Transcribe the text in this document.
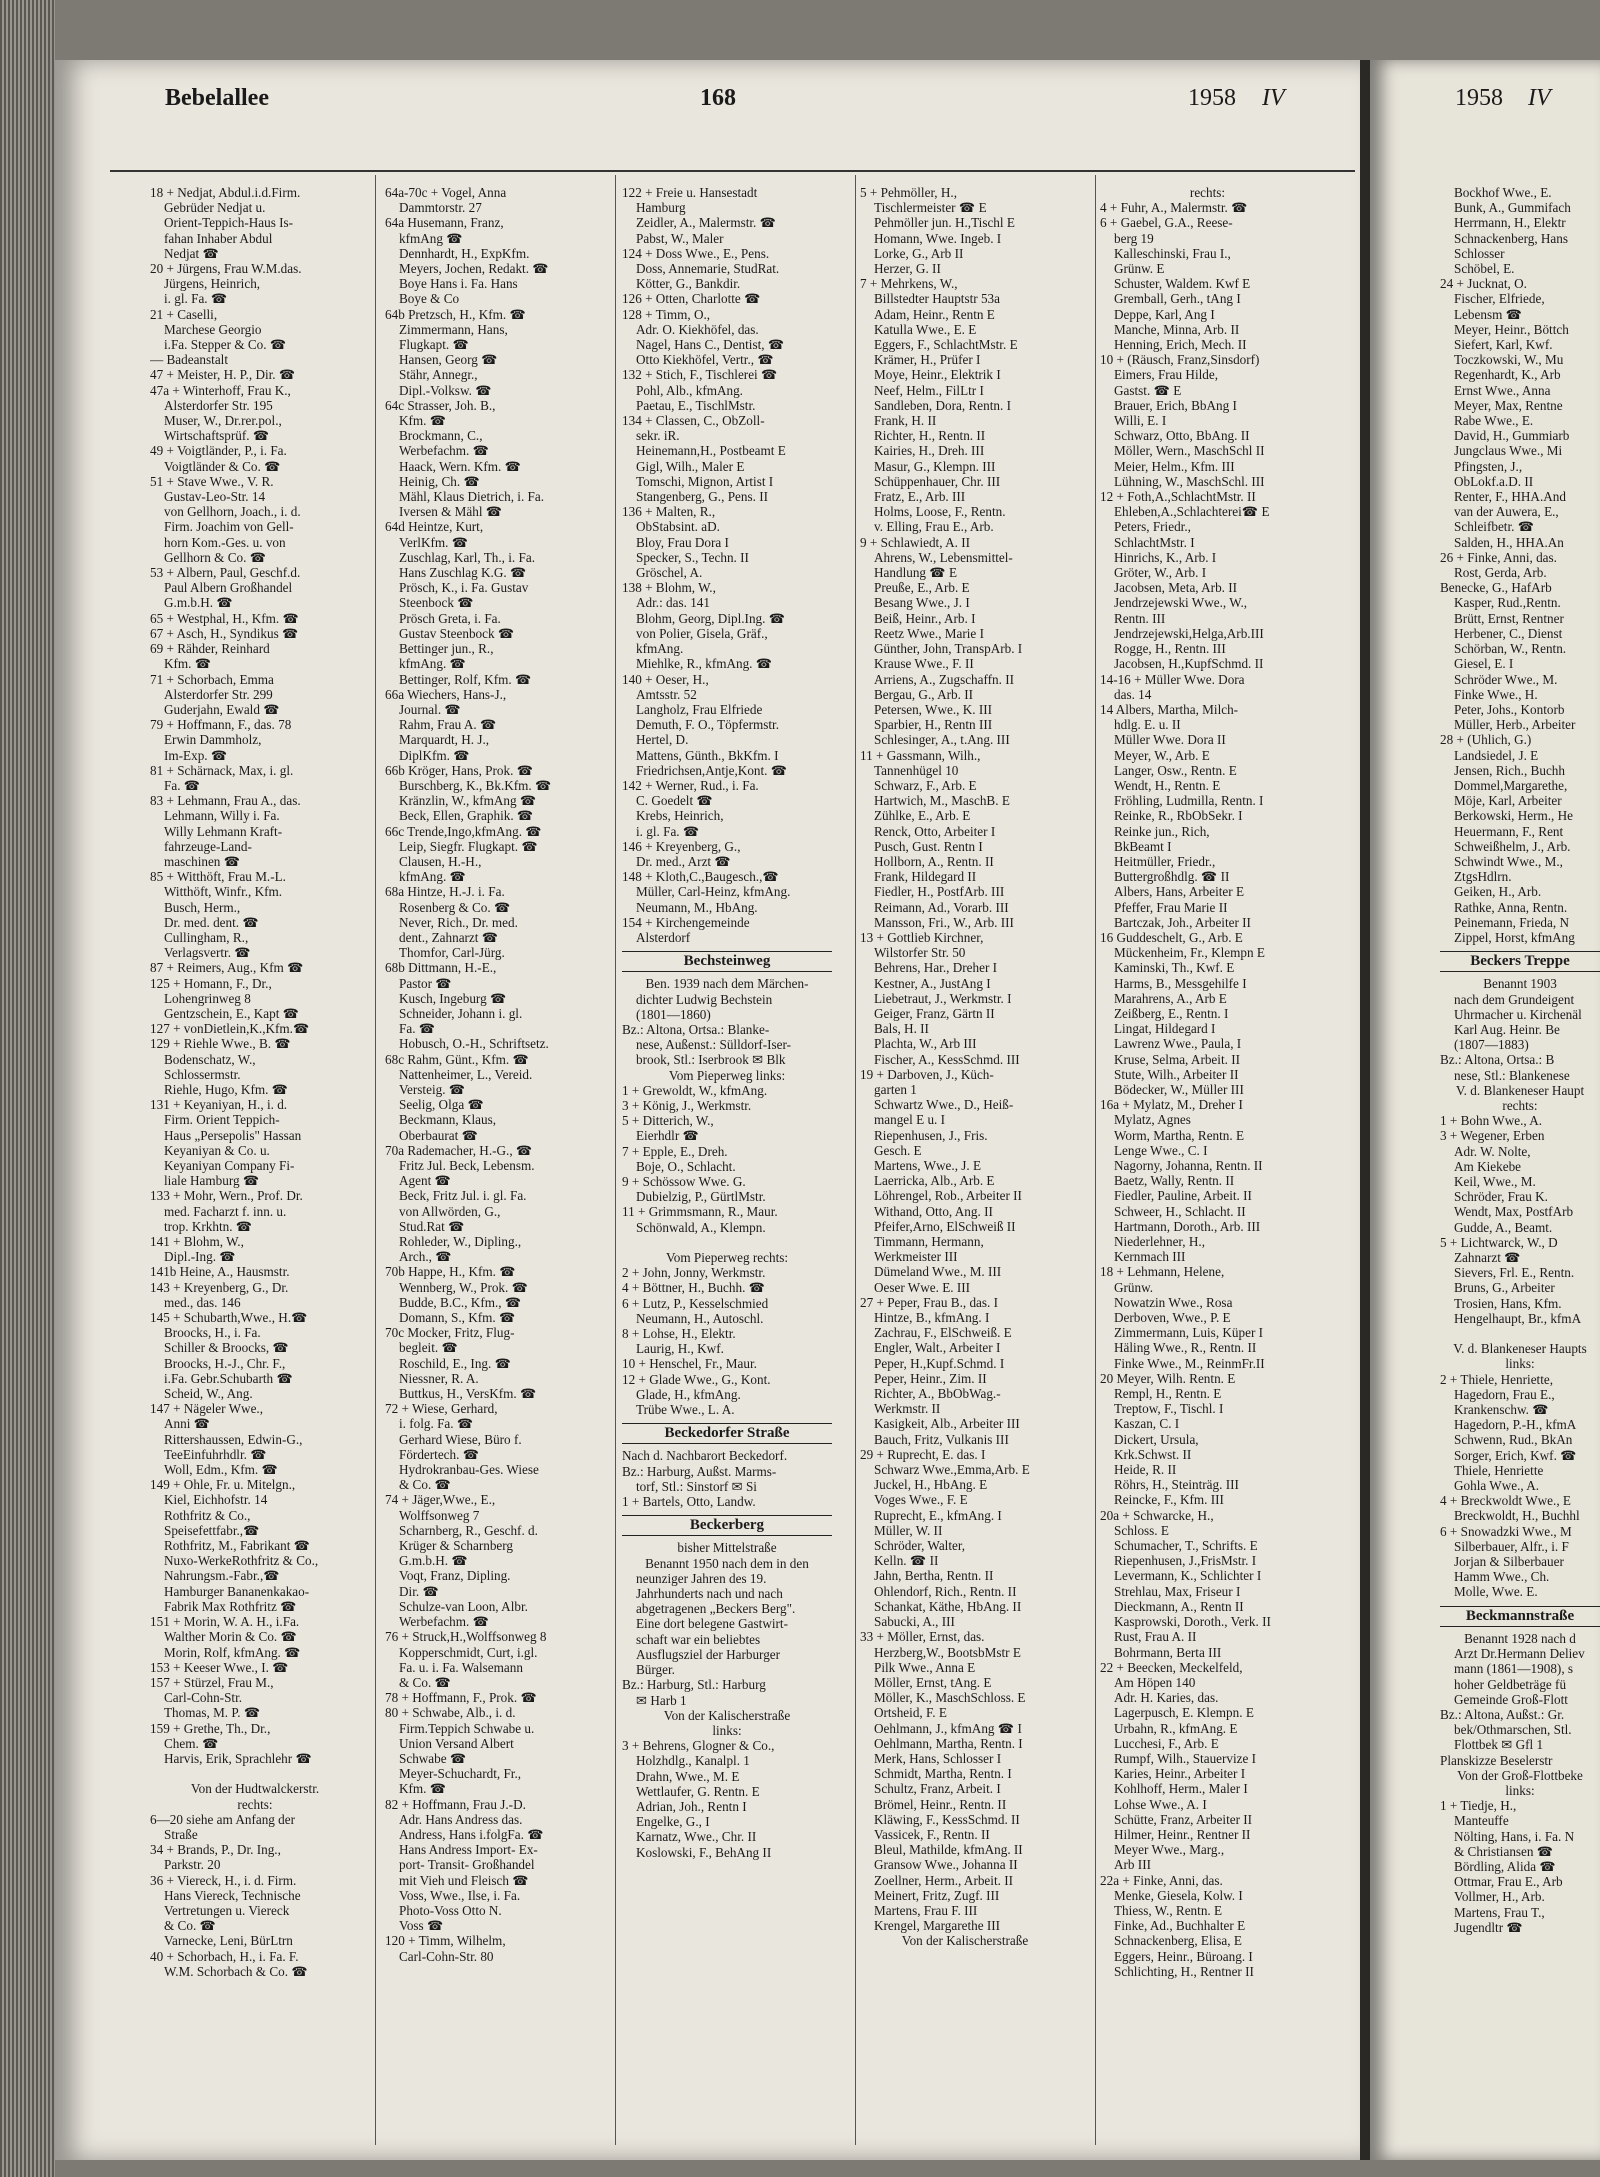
Bebelallee	168	1958 IV	1958 IV

18 + Nedjat, Abdul.i.d.Firm.

Gebrüder Nedjat u.

Orient-Teppich-Haus Is-

fahan Inhaber Abdul

Nedjat ☎

20 + Jürgens, Frau W.M.das.

Jürgens, Heinrich,

i. gl. Fa. ☎

21 + Caselli,

Marchese Georgio

i.Fa. Stepper & Co. ☎

— Badeanstalt

47 + Meister, H. P., Dir. ☎

47a + Winterhoff, Frau K.,

Alsterdorfer Str. 195

Muser, W., Dr.rer.pol.,

Wirtschaftsprüf. ☎

49 + Voigtländer, P., i. Fa.

Voigtländer & Co. ☎

51 + Stave Wwe., V. R.

Gustav-Leo-Str. 14

von Gellhorn, Joach., i. d.

Firm. Joachim von Gell-

horn Kom.-Ges. u. von

Gellhorn & Co. ☎

53 + Albern, Paul, Geschf.d.

Paul Albern Großhandel

G.m.b.H. ☎

65 + Westphal, H., Kfm. ☎

67 + Asch, H., Syndikus ☎

69 + Rähder, Reinhard

Kfm. ☎

71 + Schorbach, Emma

Alsterdorfer Str. 299

Guderjahn, Ewald ☎

79 + Hoffmann, F., das. 78

Erwin Dammholz,

Im-Exp. ☎

81 + Schärnack, Max, i. gl.

Fa. ☎

83 + Lehmann, Frau A., das.

Lehmann, Willy i. Fa.

Willy Lehmann Kraft-

fahrzeuge-Land-

maschinen ☎

85 + Witthöft, Frau M.-L.

Witthöft, Winfr., Kfm.

Busch, Herm.,

Dr. med. dent. ☎

Cullingham, R.,

Verlagsvertr. ☎

87 + Reimers, Aug., Kfm ☎

125 + Homann, F., Dr.,

Lohengrinweg 8

Gentzschein, E., Kapt ☎

127 + vonDietlein,K.,Kfm.☎

129 + Riehle Wwe., B. ☎

Bodenschatz, W.,

Schlossermstr.

Riehle, Hugo, Kfm. ☎

131 + Keyaniyan, H., i. d.

Firm. Orient Teppich-

Haus „Persepolis" Hassan

Keyaniyan & Co. u.

Keyaniyan Company Fi-

liale Hamburg ☎

133 + Mohr, Wern., Prof. Dr.

med. Facharzt f. inn. u.

trop. Krkhtn. ☎

141 + Blohm, W.,

Dipl.-Ing. ☎

141b Heine, A., Hausmstr.

143 + Kreyenberg, G., Dr.

med., das. 146

145 + Schubarth,Wwe., H.☎

Broocks, H., i. Fa.

Schiller & Broocks, ☎

Broocks, H.-J., Chr. F.,

i.Fa. Gebr.Schubarth ☎

Scheid, W., Ang.

147 + Nägeler Wwe.,

Anni ☎

Rittershaussen, Edwin-G.,

TeeEinfuhrhdlr. ☎

Woll, Edm., Kfm. ☎

149 + Ohle, Fr. u. Mitelgn.,

Kiel, Eichhofstr. 14

Rothfritz & Co.,

Speisefettfabr.,☎

Rothfritz, M., Fabrikant ☎

Nuxo-WerkeRothfritz & Co.,

Nahrungsm.-Fabr.,☎

Hamburger Bananenkakao-

Fabrik Max Rothfritz ☎

151 + Morin, W. A. H., i.Fa.

Walther Morin & Co. ☎

Morin, Rolf, kfmAng. ☎

153 + Keeser Wwe., I. ☎

157 + Stürzel, Frau M.,

Carl-Cohn-Str.

Thomas, M. P. ☎

159 + Grethe, Th., Dr.,

Chem. ☎

Harvis, Erik, Sprachlehr ☎

Von der Hudtwalckerstr.

rechts:

6—20 siehe am Anfang der

Straße

34 + Brands, P., Dr. Ing.,

Parkstr. 20

36 + Viereck, H., i. d. Firm.

Hans Viereck, Technische

Vertretungen u. Viereck

& Co. ☎

Varnecke, Leni, BürLtrn

40 + Schorbach, H., i. Fa. F.

W.M. Schorbach & Co. ☎

64a-70c + Vogel, Anna

Dammtorstr. 27

64a Husemann, Franz,

kfmAng ☎

Dennhardt, H., ExpKfm.

Meyers, Jochen, Redakt. ☎

Boye Hans i. Fa. Hans

Boye & Co

64b Pretzsch, H., Kfm. ☎

Zimmermann, Hans,

Flugkapt. ☎

Hansen, Georg ☎

Stähr, Annegr.,

Dipl.-Volksw. ☎

64c Strasser, Joh. B.,

Kfm. ☎

Brockmann, C.,

Werbefachm. ☎

Haack, Wern. Kfm. ☎

Heinig, Ch. ☎

Mähl, Klaus Dietrich, i. Fa.

Iversen & Mähl ☎

64d Heintze, Kurt,

VerlKfm. ☎

Zuschlag, Karl, Th., i. Fa.

Hans Zuschlag K.G. ☎

Prösch, K., i. Fa. Gustav

Steenbock ☎

Prösch Greta, i. Fa.

Gustav Steenbock ☎

Bettinger jun., R.,

kfmAng. ☎

Bettinger, Rolf, Kfm. ☎

66a Wiechers, Hans-J.,

Journal. ☎

Rahm, Frau A. ☎

Marquardt, H. J.,

DiplKfm. ☎

66b Kröger, Hans, Prok. ☎

Burschberg, K., Bk.Kfm. ☎

Kränzlin, W., kfmAng ☎

Beck, Ellen, Graphik. ☎

66c Trende,Ingo,kfmAng. ☎

Leip, Siegfr. Flugkapt. ☎

Clausen, H.-H.,

kfmAng. ☎

68a Hintze, H.-J. i. Fa.

Rosenberg & Co. ☎

Never, Rich., Dr. med.

dent., Zahnarzt ☎

Thomfor, Carl-Jürg.

68b Dittmann, H.-E.,

Pastor ☎

Kusch, Ingeburg ☎

Schneider, Johann i. gl.

Fa. ☎

Hobusch, O.-H., Schriftsetz.

68c Rahm, Günt., Kfm. ☎

Nattenheimer, L., Vereid.

Versteig. ☎

Seelig, Olga ☎

Beckmann, Klaus,

Oberbaurat ☎

70a Rademacher, H.-G., ☎

Fritz Jul. Beck, Lebensm.

Agent ☎

Beck, Fritz Jul. i. gl. Fa.

von Allwörden, G.,

Stud.Rat ☎

Rohleder, W., Dipling.,

Arch., ☎

70b Happe, H., Kfm. ☎

Wennberg, W., Prok. ☎

Budde, B.C., Kfm., ☎

Domann, S., Kfm. ☎

70c Mocker, Fritz, Flug-

begleit. ☎

Roschild, E., Ing. ☎

Niessner, R. A.

Buttkus, H., VersKfm. ☎

72 + Wiese, Gerhard,

i. folg. Fa. ☎

Gerhard Wiese, Büro f.

Fördertech. ☎

Hydrokranbau-Ges. Wiese

& Co. ☎

74 + Jäger,Wwe., E.,

Wolffsonweg 7

Scharnberg, R., Geschf. d.

Krüger & Scharnberg

G.m.b.H. ☎

Voqt, Franz, Dipling.

Dir. ☎

Schulze-van Loon, Albr.

Werbefachm. ☎

76 + Struck,H.,Wolffsonweg 8

Kopperschmidt, Curt, i.gl.

Fa. u. i. Fa. Walsemann

& Co. ☎

78 + Hoffmann, F., Prok. ☎

80 + Schwabe, Alb., i. d.

Firm.Teppich Schwabe u.

Union Versand Albert

Schwabe ☎

Meyer-Schuchardt, Fr.,

Kfm. ☎

82 + Hoffmann, Frau J.-D.

Adr. Hans Andress das.

Andress, Hans i.folgFa. ☎

Hans Andress Import- Ex-

port- Transit- Großhandel

mit Vieh und Fleisch ☎

Voss, Wwe., Ilse, i. Fa.

Photo-Voss Otto N.

Voss ☎

120 + Timm, Wilhelm,

Carl-Cohn-Str. 80

122 + Freie u. Hansestadt

Hamburg

Zeidler, A., Malermstr. ☎

Pabst, W., Maler

124 + Doss Wwe., E., Pens.

Doss, Annemarie, StudRat.

Kötter, G., Bankdir.

126 + Otten, Charlotte ☎

128 + Timm, O.,

Adr. O. Kiekhöfel, das.

Nagel, Hans C., Dentist, ☎

Otto Kiekhöfel, Vertr., ☎

132 + Stich, F., Tischlerei ☎

Pohl, Alb., kfmAng.

Paetau, E., TischlMstr.

134 + Classen, C., ObZoll-

sekr. iR.

Heinemann,H., Postbeamt E

Gigl, Wilh., Maler E

Tomschi, Mignon, Artist I

Stangenberg, G., Pens. II

136 + Malten, R.,

ObStabsint. aD.

Bloy, Frau Dora I

Specker, S., Techn. II

Gröschel, A.

138 + Blohm, W.,

Adr.: das. 141

Blohm, Georg, Dipl.Ing. ☎

von Polier, Gisela, Gräf.,

kfmAng.

Miehlke, R., kfmAng. ☎

140 + Oeser, H.,

Amtsstr. 52

Langholz, Frau Elfriede

Demuth, F. O., Töpfermstr.

Hertel, D.

Mattens, Günth., BkKfm. I

Friedrichsen,Antje,Kont. ☎

142 + Werner, Rud., i. Fa.

C. Goedelt ☎

Krebs, Heinrich,

i. gl. Fa. ☎

146 + Kreyenberg, G.,

Dr. med., Arzt ☎

148 + Kloth,C.,Baugesch.,☎

Müller, Carl-Heinz, kfmAng.

Neumann, M., HbAng.

154 + Kirchengemeinde

Alsterdorf

Bechsteinweg

Ben. 1939 nach dem Märchen-

dichter Ludwig Bechstein

(1801—1860)

Bz.: Altona, Ortsa.: Blanke-

nese, Außenst.: Sülldorf-Iser-

brook, Stl.: Iserbrook ✉ Blk

Vom Pieperweg links:

1 + Grewoldt, W., kfmAng.

3 + König, J., Werkmstr.

5 + Ditterich, W.,

Eierhdlr ☎

7 + Epple, E., Dreh.

Boje, O., Schlacht.

9 + Schössow Wwe. G.

Dubielzig, P., GürtlMstr.

11 + Grimmsmann, R., Maur.

Schönwald, A., Klempn.

Vom Pieperweg rechts:

2 + John, Jonny, Werkmstr.

4 + Böttner, H., Buchh. ☎

6 + Lutz, P., Kesselschmied

Neumann, H., Autoschl.

8 + Lohse, H., Elektr.

Laurig, H., Kwf.

10 + Henschel, Fr., Maur.

12 + Glade Wwe., G., Kont.

Glade, H., kfmAng.

Trübe Wwe., L. A.

Beckedorfer Straße

Nach d. Nachbarort Beckedorf.

Bz.: Harburg, Außst. Marms-

torf, Stl.: Sinstorf ✉ Si

1 + Bartels, Otto, Landw.

Beckerberg

bisher Mittelstraße

Benannt 1950 nach dem in den

neunziger Jahren des 19.

Jahrhunderts nach und nach

abgetragenen „Beckers Berg".

Eine dort belegene Gastwirt-

schaft war ein beliebtes

Ausflugsziel der Harburger

Bürger.

Bz.: Harburg, Stl.: Harburg

✉ Harb 1

Von der Kalischerstraße

links:

3 + Behrens, Glogner & Co.,

Holzhdlg., Kanalpl. 1

Drahn, Wwe., M. E

Wettlaufer, G. Rentn. E

Adrian, Joh., Rentn I

Engelke, G., I

Karnatz, Wwe., Chr. II

Koslowski, F., BehAng II

5 + Pehmöller, H.,

Tischlermeister ☎ E

Pehmöller jun. H.,Tischl E

Homann, Wwe. Ingeb. I

Lorke, G., Arb II

Herzer, G. II

7 + Mehrkens, W.,

Billstedter Hauptstr 53a

Adam, Heinr., Rentn E

Katulla Wwe., E. E

Eggers, F., SchlachtMstr. E

Krämer, H., Prüfer I

Moye, Heinr., Elektrik I

Neef, Helm., FilLtr I

Sandleben, Dora, Rentn. I

Frank, H. II

Richter, H., Rentn. II

Kairies, H., Dreh. III

Masur, G., Klempn. III

Schüppenhauer, Chr. III

Fratz, E., Arb. III

Holms, Loose, F., Rentn.

v. Elling, Frau E., Arb.

9 + Schlawiedt, A. II

Ahrens, W., Lebensmittel-

Handlung ☎ E

Preuße, E., Arb. E

Besang Wwe., J. I

Beiß, Heinr., Arb. I

Reetz Wwe., Marie I

Günther, John, TranspArb. I

Krause Wwe., F. II

Arriens, A., Zugschaffn. II

Bergau, G., Arb. II

Petersen, Wwe., K. III

Sparbier, H., Rentn III

Schlesinger, A., t.Ang. III

11 + Gassmann, Wilh.,

Tannenhügel 10

Schwarz, F., Arb. E

Hartwich, M., MaschB. E

Zühlke, E., Arb. E

Renck, Otto, Arbeiter I

Pusch, Gust. Rentn I

Hollborn, A., Rentn. II

Frank, Hildegard II

Fiedler, H., PostfArb. III

Reimann, Ad., Vorarb. III

Mansson, Fri., W., Arb. III

13 + Gottlieb Kirchner,

Wilstorfer Str. 50

Behrens, Har., Dreher I

Kestner, A., JustAng I

Liebetraut, J., Werkmstr. I

Geiger, Franz, Gärtn II

Bals, H. II

Plachta, W., Arb III

Fischer, A., KessSchmd. III

19 + Darboven, J., Küch-

garten 1

Schwartz Wwe., D., Heiß-

mangel E u. I

Riepenhusen, J., Fris.

Gesch. E

Martens, Wwe., J. E

Laerricka, Alb., Arb. E

Löhrengel, Rob., Arbeiter II

Withand, Otto, Ang. II

Pfeifer,Arno, ElSchweiß II

Timmann, Hermann,

Werkmeister III

Dümeland Wwe., M. III

Oeser Wwe. E. III

27 + Peper, Frau B., das. I

Hintze, B., kfmAng. I

Zachrau, F., ElSchweiß. E

Engler, Walt., Arbeiter I

Peper, H.,Kupf.Schmd. I

Peper, Heinr., Zim. II

Richter, A., BbObWag.-

Werkmstr. II

Kasigkeit, Alb., Arbeiter III

Bauch, Fritz, Vulkanis III

29 + Ruprecht, E. das. I

Schwarz Wwe.,Emma,Arb. E

Juckel, H., HbAng. E

Voges Wwe., F. E

Ruprecht, E., kfmAng. I

Müller, W. II

Schröder, Walter,

Kelln. ☎ II

Jahn, Bertha, Rentn. II

Ohlendorf, Rich., Rentn. II

Schankat, Käthe, HbAng. II

Sabucki, A., III

33 + Möller, Ernst, das.

Herzberg,W., BootsbMstr E

Pilk Wwe., Anna E

Möller, Ernst, tAng. E

Möller, K., MaschSchloss. E

Ortsheid, F. E

Oehlmann, J., kfmAng ☎ I

Oehlmann, Martha, Rentn. I

Merk, Hans, Schlosser I

Schmidt, Martha, Rentn. I

Schultz, Franz, Arbeit. I

Brömel, Heinr., Rentn. II

Kläwing, F., KessSchmd. II

Vassicek, F., Rentn. II

Bleul, Mathilde, kfmAng. II

Gransow Wwe., Johanna II

Zoellner, Herm., Arbeit. II

Meinert, Fritz, Zugf. III

Martens, Frau F. III

Krengel, Margarethe III

Von der Kalischerstraße

rechts:

4 + Fuhr, A., Malermstr. ☎

6 + Gaebel, G.A., Reese-

berg 19

Kalleschinski, Frau I.,

Grünw. E

Schuster, Waldem. Kwf E

Gremball, Gerh., tAng I

Deppe, Karl, Ang I

Manche, Minna, Arb. II

Henning, Erich, Mech. II

10 + (Räusch, Franz,Sinsdorf)

Eimers, Frau Hilde,

Gastst. ☎ E

Brauer, Erich, BbAng I

Willi, E. I

Schwarz, Otto, BbAng. II

Möller, Wern., MaschSchl II

Meier, Helm., Kfm. III

Lühning, W., MaschSchl. III

12 + Foth,A.,SchlachtMstr. II

Ehleben,A.,Schlachterei☎ E

Peters, Friedr.,

SchlachtMstr. I

Hinrichs, K., Arb. I

Gröter, W., Arb. I

Jacobsen, Meta, Arb. II

Jendrzejewski Wwe., W.,

Rentn. III

Jendrzejewski,Helga,Arb.III

Rogge, H., Rentn. III

Jacobsen, H.,KupfSchmd. II

14-16 + Müller Wwe. Dora

das. 14

14 Albers, Martha, Milch-

hdlg. E. u. II

Müller Wwe. Dora II

Meyer, W., Arb. E

Langer, Osw., Rentn. E

Wendt, H., Rentn. E

Fröhling, Ludmilla, Rentn. I

Reinke, R., RbObSekr. I

Reinke jun., Rich,

BkBeamt I

Heitmüller, Friedr.,

Buttergroßhdlg. ☎ II

Albers, Hans, Arbeiter E

Pfeffer, Frau Marie II

Bartczak, Joh., Arbeiter II

16 Guddeschelt, G., Arb. E

Mückenheim, Fr., Klempn E

Kaminski, Th., Kwf. E

Harms, B., Messgehilfe I

Marahrens, A., Arb E

Zeißberg, E., Rentn. I

Lingat, Hildegard I

Lawrenz Wwe., Paula, I

Kruse, Selma, Arbeit. II

Stute, Wilh., Arbeiter II

Bödecker, W., Müller III

16a + Mylatz, M., Dreher I

Mylatz, Agnes

Worm, Martha, Rentn. E

Lenge Wwe., C. I

Nagorny, Johanna, Rentn. II

Baetz, Wally, Rentn. II

Fiedler, Pauline, Arbeit. II

Schweer, H., Schlacht. II

Hartmann, Doroth., Arb. III

Niederlehner, H.,

Kernmach III

18 + Lehmann, Helene,

Grünw.

Nowatzin Wwe., Rosa

Derboven, Wwe., P. E

Zimmermann, Luis, Küper I

Häling Wwe., R., Rentn. II

Finke Wwe., M., ReinmFr.II

20 Meyer, Wilh. Rentn. E

Rempl, H., Rentn. E

Treptow, F., Tischl. I

Kaszan, C. I

Dickert, Ursula,

Krk.Schwst. II

Heide, R. II

Röhrs, H., Steinträg. III

Reincke, F., Kfm. III

20a + Schwarcke, H.,

Schloss. E

Schumacher, T., Schrifts. E

Riepenhusen, J.,FrisMstr. I

Levermann, K., Schlichter I

Strehlau, Max, Friseur I

Dieckmann, A., Rentn II

Kasprowski, Doroth., Verk. II

Rust, Frau A. II

Bohrmann, Berta III

22 + Beecken, Meckelfeld,

Am Höpen 140

Adr. H. Karies, das.

Lagerpusch, E. Klempn. E

Urbahn, R., kfmAng. E

Lucchesi, F., Arb. E

Rumpf, Wilh., Stauervize I

Karies, Heinr., Arbeiter I

Kohlhoff, Herm., Maler I

Lohse Wwe., A. I

Schütte, Franz, Arbeiter II

Hilmer, Heinr., Rentner II

Meyer Wwe., Marg.,

Arb III

22a + Finke, Anni, das.

Menke, Giesela, Kolw. I

Thiess, W., Rentn. E

Finke, Ad., Buchhalter E

Schnackenberg, Elisa, E

Eggers, Heinr., Büroang. I

Schlichting, H., Rentner II

Bockhof Wwe., E.

Bunk, A., Gummifach

Herrmann, H., Elektr

Schnackenberg, Hans

Schlosser

Schöbel, E.

24 + Jucknat, O.

Fischer, Elfriede,

Lebensm ☎

Meyer, Heinr., Böttch

Siefert, Karl, Kwf.

Toczkowski, W., Mu

Regenhardt, K., Arb

Ernst Wwe., Anna

Meyer, Max, Rentne

Rabe Wwe., E.

David, H., Gummiarb

Jungclaus Wwe., Mi

Pfingsten, J.,

ObLokf.a.D. II

Renter, F., HHA.And

van der Auwera, E.,

Schleifbetr. ☎

Salden, H., HHA.An

26 + Finke, Anni, das.

Rost, Gerda, Arb.

Benecke, G., HafArb

Kasper, Rud.,Rentn.

Brütt, Ernst, Rentner

Herbener, C., Dienst

Schörban, W., Rentn.

Giesel, E. I

Schröder Wwe., M.

Finke Wwe., H.

Peter, Johs., Kontorb

Müller, Herb., Arbeiter

28 + (Uhlich, G.)

Landsiedel, J. E

Jensen, Rich., Buchh

Dommel,Margarethe,

Möje, Karl, Arbeiter

Berkowski, Herm., He

Heuermann, F., Rent

Schweißhelm, J., Arb.

Schwindt Wwe., M.,

ZtgsHdlrn.

Geiken, H., Arb.

Rathke, Anna, Rentn.

Peinemann, Frieda, N

Zippel, Horst, kfmAng

Beckers Treppe

Benannt 1903

nach dem Grundeigent

Uhrmacher u. Kirchenäl

Karl Aug. Heinr. Be

(1807—1883)

Bz.: Altona, Ortsa.: B

nese, Stl.: Blankenese

V. d. Blankeneser Haupt

rechts:

1 + Bohn Wwe., A.

3 + Wegener, Erben

Adr. W. Nolte,

Am Kiekebe

Keil, Wwe., M.

Schröder, Frau K.

Wendt, Max, PostfArb

Gudde, A., Beamt.

5 + Lichtwarck, W., D

Zahnarzt ☎

Sievers, Frl. E., Rentn.

Bruns, G., Arbeiter

Trosien, Hans, Kfm.

Hengelhaupt, Br., kfmA

V. d. Blankeneser Haupts

links:

2 + Thiele, Henriette,

Hagedorn, Frau E.,

Krankenschw. ☎

Hagedorn, P.-H., kfmA

Schwenn, Rud., BkAn

Sorger, Erich, Kwf. ☎

Thiele, Henriette

Gohla Wwe., A.

4 + Breckwoldt Wwe., E

Breckwoldt, H., Buchhl

6 + Snowadzki Wwe., M

Silberbauer, Alfr., i. F

Jorjan & Silberbauer

Hamm Wwe., Ch.

Molle, Wwe. E.

Beckmannstraße

Benannt 1928 nach d

Arzt Dr.Hermann Deliev

mann (1861—1908), s

hoher Geldbeträge fü

Gemeinde Groß-Flott

Bz.: Altona, Außst.: Gr.

bek/Othmarschen, Stl.

Flottbek ✉ Gfl 1

Planskizze Beselerstr

Von der Groß-Flottbeke

links:

1 + Tiedje, H.,

Manteuffe

Nölting, Hans, i. Fa. N

& Christiansen ☎

Bördling, Alida ☎

Ottmar, Frau E., Arb

Vollmer, H., Arb.

Martens, Frau T.,

Jugendltr ☎
